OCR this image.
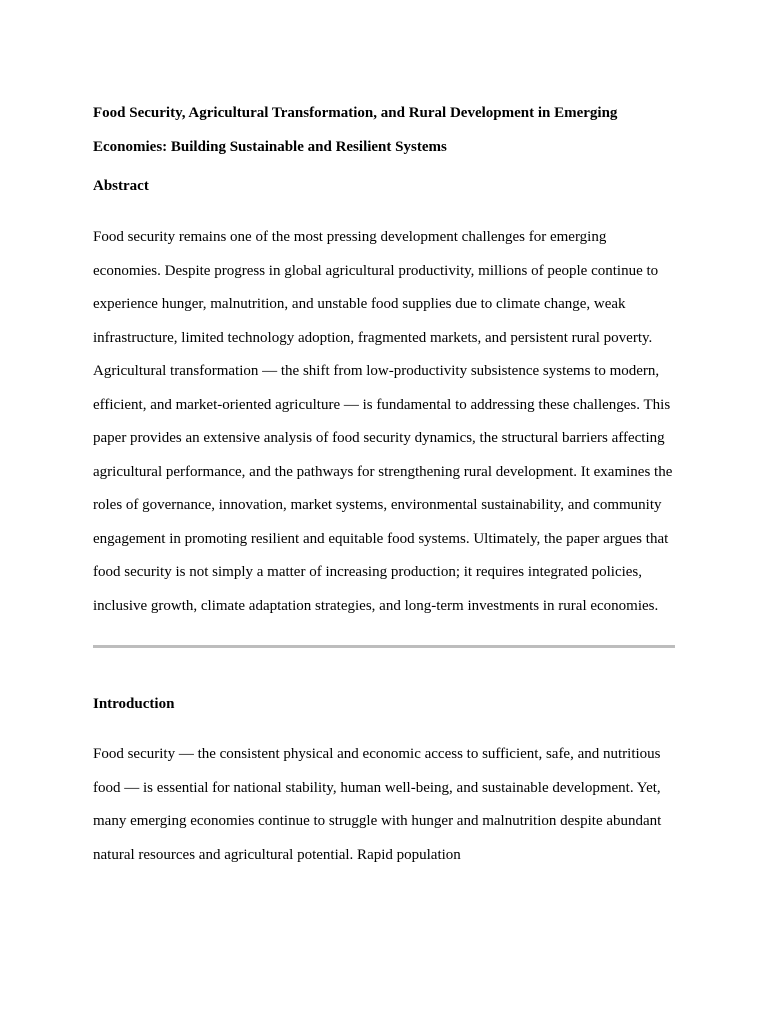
Food Security, Agricultural Transformation, and Rural Development in Emerging Economies: Building Sustainable and Resilient Systems
Abstract

Food security remains one of the most pressing development challenges for emerging economies. Despite progress in global agricultural productivity, millions of people continue to experience hunger, malnutrition, and unstable food supplies due to climate change, weak infrastructure, limited technology adoption, fragmented markets, and persistent rural poverty. Agricultural transformation — the shift from low-productivity subsistence systems to modern, efficient, and market-oriented agriculture — is fundamental to addressing these challenges. This paper provides an extensive analysis of food security dynamics, the structural barriers affecting agricultural performance, and the pathways for strengthening rural development. It examines the roles of governance, innovation, market systems, environmental sustainability, and community engagement in promoting resilient and equitable food systems. Ultimately, the paper argues that food security is not simply a matter of increasing production; it requires integrated policies, inclusive growth, climate adaptation strategies, and long-term investments in rural economies.

Introduction

Food security — the consistent physical and economic access to sufficient, safe, and nutritious food — is essential for national stability, human well-being, and sustainable development. Yet, many emerging economies continue to struggle with hunger and malnutrition despite abundant natural resources and agricultural potential. Rapid population
